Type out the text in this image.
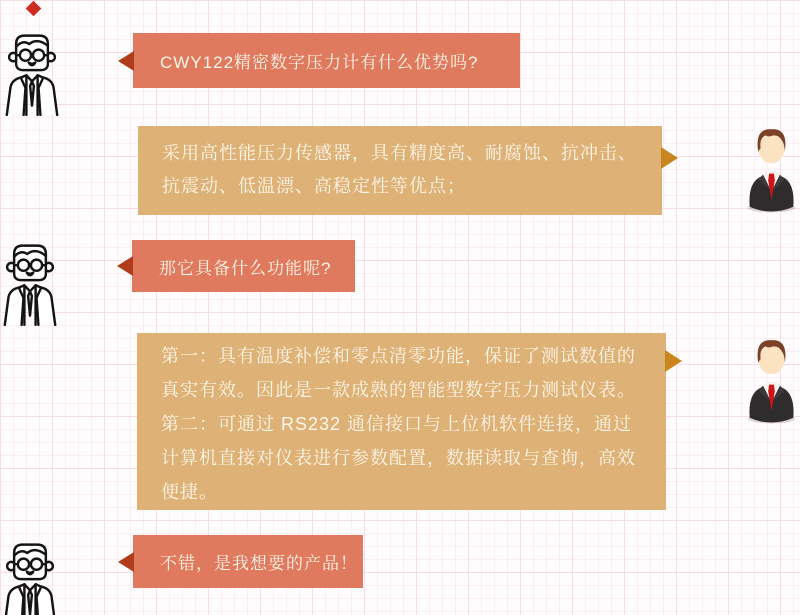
CWY122精密数字压力计有什么优势吗?
采用高性能压力传感器，具有精度高、耐腐蚀、抗冲击、抗震动、低温漂、高稳定性等优点；
那它具备什么功能呢?
第一：具有温度补偿和零点清零功能，保证了测试数值的真实有效。因此是一款成熟的智能型数字压力测试仪表。第二：可通过 RS232 通信接口与上位机软件连接，通过计算机直接对仪表进行参数配置，数据读取与查询，高效便捷。
不错，是我想要的产品！
